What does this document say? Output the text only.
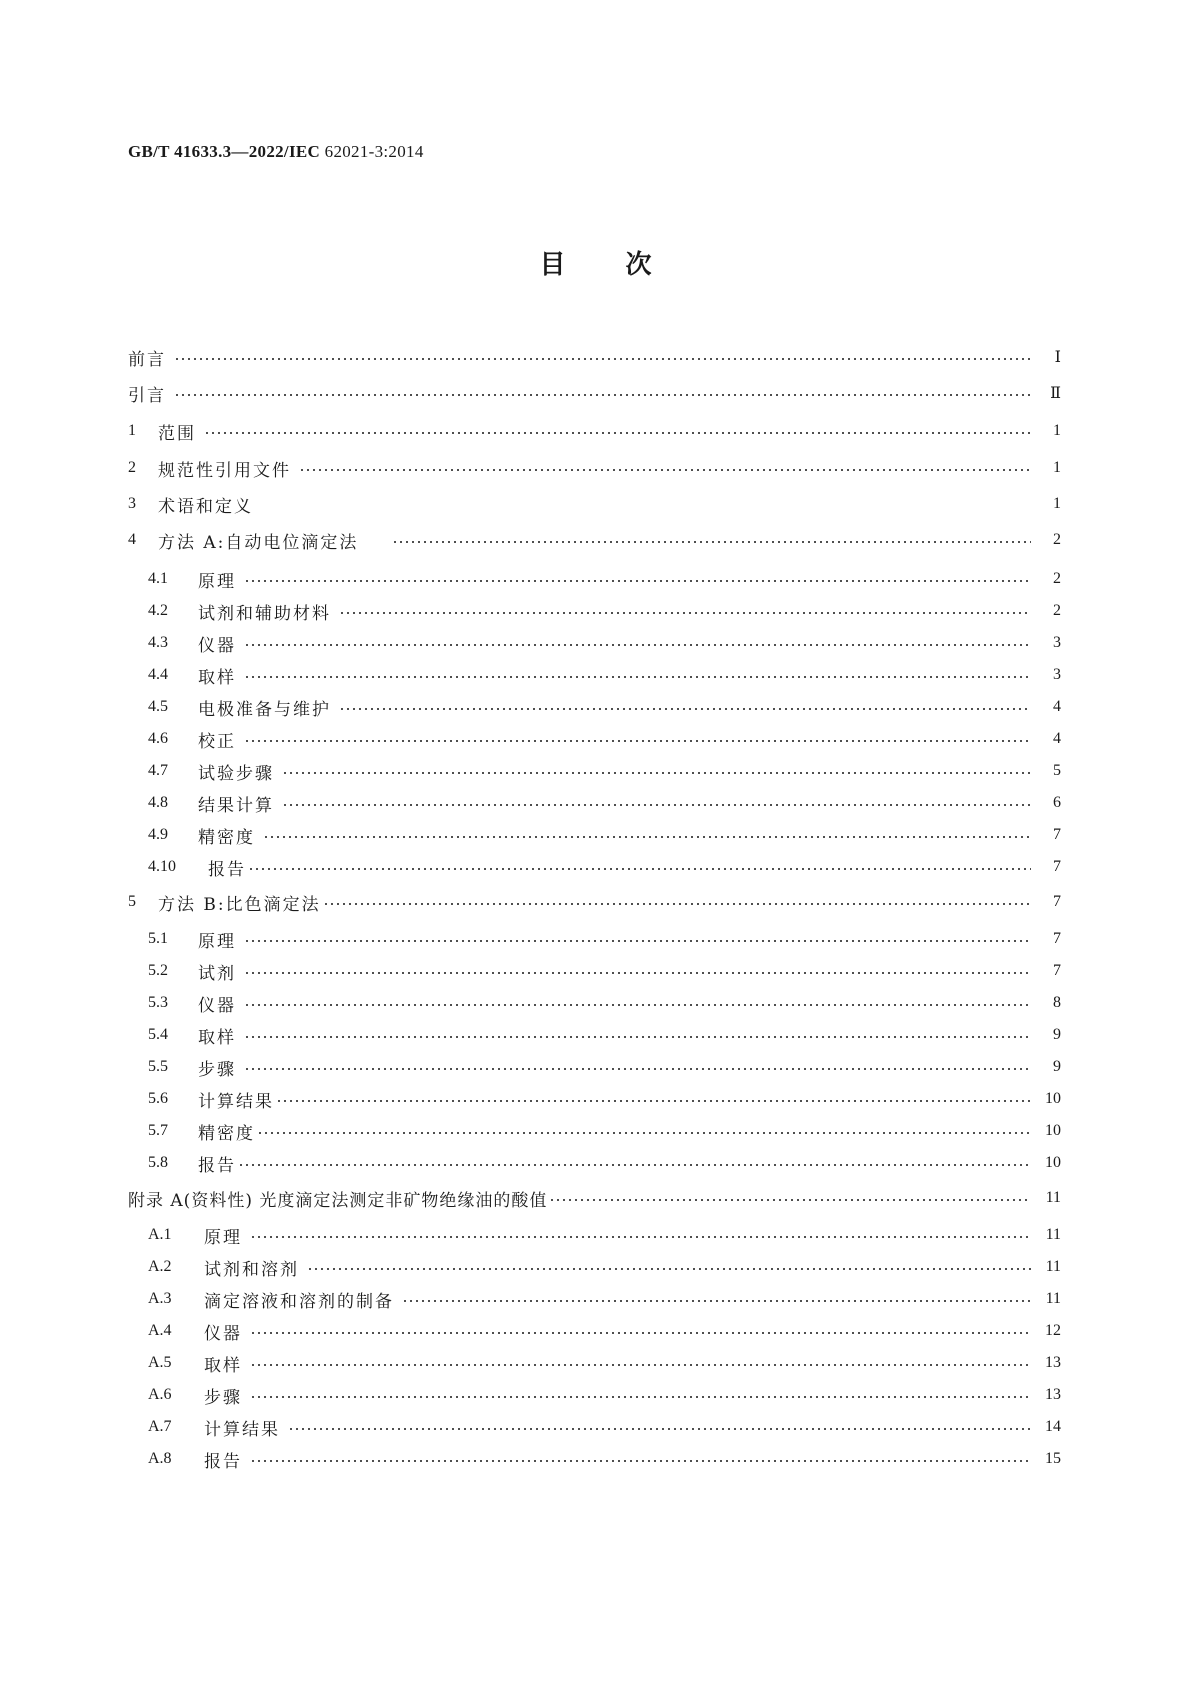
GB/T 41633.3—2022/IEC 62021-3:2014
目次
前言	Ⅰ
引言	Ⅱ
1	范围	1
2	规范性引用文件	1
3	术语和定义	1
4	方法 A:自动电位滴定法	2
4.1	原理	2
4.2	试剂和辅助材料	2
4.3	仪器	3
4.4	取样	3
4.5	电极准备与维护	4
4.6	校正	4
4.7	试验步骤	5
4.8	结果计算	6
4.9	精密度	7
4.10	报告	7
5	方法 B:比色滴定法	7
5.1	原理	7
5.2	试剂	7
5.3	仪器	8
5.4	取样	9
5.5	步骤	9
5.6	计算结果	10
5.7	精密度	10
5.8	报告	10
附录 A(资料性) 光度滴定法测定非矿物绝缘油的酸值	11
A.1	原理	11
A.2	试剂和溶剂	11
A.3	滴定溶液和溶剂的制备	11
A.4	仪器	12
A.5	取样	13
A.6	步骤	13
A.7	计算结果	14
A.8	报告	15
